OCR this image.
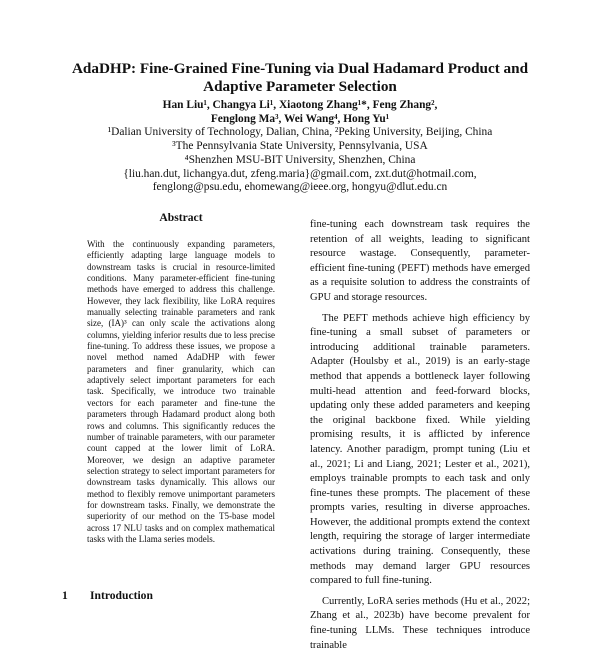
AdaDHP: Fine-Grained Fine-Tuning via Dual Hadamard Product and Adaptive Parameter Selection

Han Liu¹, Changya Li¹, Xiaotong Zhang¹*, Feng Zhang²,

Fenglong Ma³, Wei Wang⁴, Hong Yu¹

¹Dalian University of Technology, Dalian, China, ²Peking University, Beijing, China

³The Pennsylvania State University, Pennsylvania, USA

⁴Shenzhen MSU-BIT University, Shenzhen, China

{liu.han.dut, lichangya.dut, zfeng.maria}@gmail.com, zxt.dut@hotmail.com,

fenglong@psu.edu, ehomewang@ieee.org, hongyu@dlut.edu.cn

Abstract

With the continuously expanding parameters, efficiently adapting large language models to downstream tasks is crucial in resource-limited conditions. Many parameter-efficient fine-tuning methods have emerged to address this challenge. However, they lack flexibility, like LoRA requires manually selecting trainable parameters and rank size, (IA)³ can only scale the activations along columns, yielding inferior results due to less precise fine-tuning. To address these issues, we propose a novel method named AdaDHP with fewer parameters and finer granularity, which can adaptively select important parameters for each task. Specifically, we introduce two trainable vectors for each parameter and fine-tune the parameters through Hadamard product along both rows and columns. This significantly reduces the number of trainable parameters, with our parameter count capped at the lower limit of LoRA. Moreover, we design an adaptive parameter selection strategy to select important parameters for downstream tasks dynamically. This allows our method to flexibly remove unimportant parameters for downstream tasks. Finally, we demonstrate the superiority of our method on the T5-base model across 17 NLU tasks and on complex mathematical tasks with the Llama series models.

1 Introduction

fine-tuning each downstream task requires the retention of all weights, leading to significant resource wastage. Consequently, parameter-efficient fine-tuning (PEFT) methods have emerged as a requisite solution to address the constraints of GPU and storage resources.

The PEFT methods achieve high efficiency by fine-tuning a small subset of parameters or introducing additional trainable parameters. Adapter (Houlsby et al., 2019) is an early-stage method that appends a bottleneck layer following multi-head attention and feed-forward blocks, updating only these added parameters and keeping the original backbone fixed. While yielding promising results, it is afflicted by inference latency. Another paradigm, prompt tuning (Liu et al., 2021; Li and Liang, 2021; Lester et al., 2021), employs trainable prompts to each task and only fine-tunes these prompts. The placement of these prompts varies, resulting in diverse approaches. However, the additional prompts extend the context length, requiring the storage of larger intermediate activations during training. Consequently, these methods may demand larger GPU resources compared to full fine-tuning.

Currently, LoRA series methods (Hu et al., 2022; Zhang et al., 2023b) have become prevalent for fine-tuning LLMs. These techniques introduce trainable
